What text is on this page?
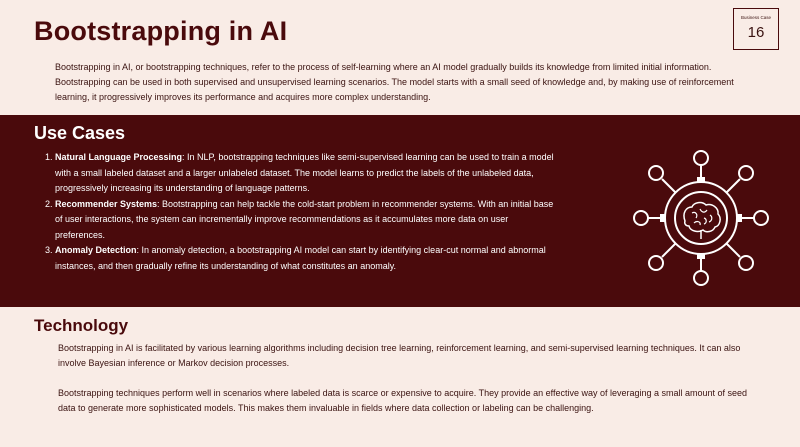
Bootstrapping in AI	Business Case
16

Bootstrapping in AI, or bootstrapping techniques, refer to the process of self-learning where an AI model gradually builds its knowledge from limited initial information. Bootstrapping can be used in both supervised and unsupervised learning scenarios. The model starts with a small seed of knowledge and, by making use of reinforcement learning, it progressively improves its performance and acquires more complex understanding.

Use Cases
1. Natural Language Processing: In NLP, bootstrapping techniques like semi-supervised learning can be used to train a model with a small labeled dataset and a larger unlabeled dataset. The model learns to predict the labels of the unlabeled data, progressively increasing its understanding of language patterns.
2. Recommender Systems: Bootstrapping can help tackle the cold-start problem in recommender systems. With an initial base of user interactions, the system can incrementally improve recommendations as it accumulates more data on user preferences.
3. Anomaly Detection: In anomaly detection, a bootstrapping AI model can start by identifying clear-cut normal and abnormal instances, and then gradually refine its understanding of what constitutes an anomaly.
Technology

Bootstrapping in AI is facilitated by various learning algorithms including decision tree learning, reinforcement learning, and semi-supervised learning techniques. It can also involve Bayesian inference or Markov decision processes.

Bootstrapping techniques perform well in scenarios where labeled data is scarce or expensive to acquire. They provide an effective way of leveraging a small amount of seed data to generate more sophisticated models. This makes them invaluable in fields where data collection or labeling can be challenging.
